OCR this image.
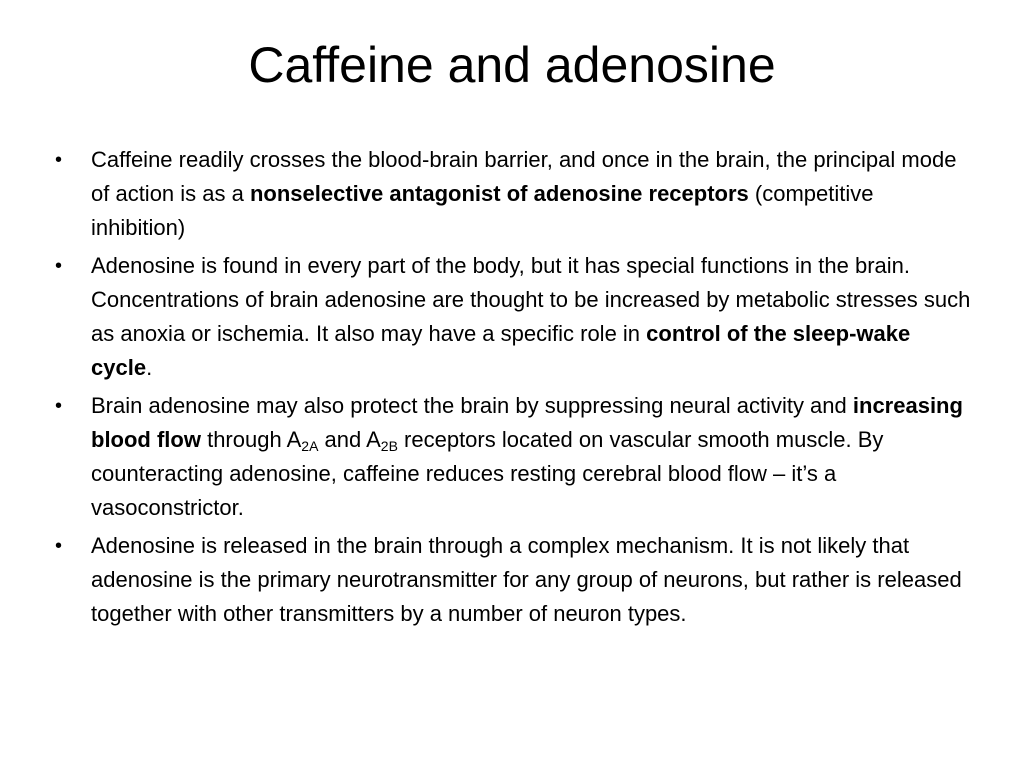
Caffeine and adenosine
• Caffeine readily crosses the blood-brain barrier, and once in the brain, the principal mode of action is as a nonselective antagonist of adenosine receptors (competitive inhibition)
• Adenosine is found in every part of the body, but it has special functions in the brain. Concentrations of brain adenosine are thought to be increased by metabolic stresses such as anoxia or ischemia. It also may have a specific role in control of the sleep-wake cycle.
• Brain adenosine may also protect the brain by suppressing neural activity and increasing blood flow through $A_{2A}$ and $A_{2B}$ receptors located on vascular smooth muscle. By counteracting adenosine, caffeine reduces resting cerebral blood flow – it’s a vasoconstrictor.
• Adenosine is released in the brain through a complex mechanism. It is not likely that adenosine is the primary neurotransmitter for any group of neurons, but rather is released together with other transmitters by a number of neuron types.
